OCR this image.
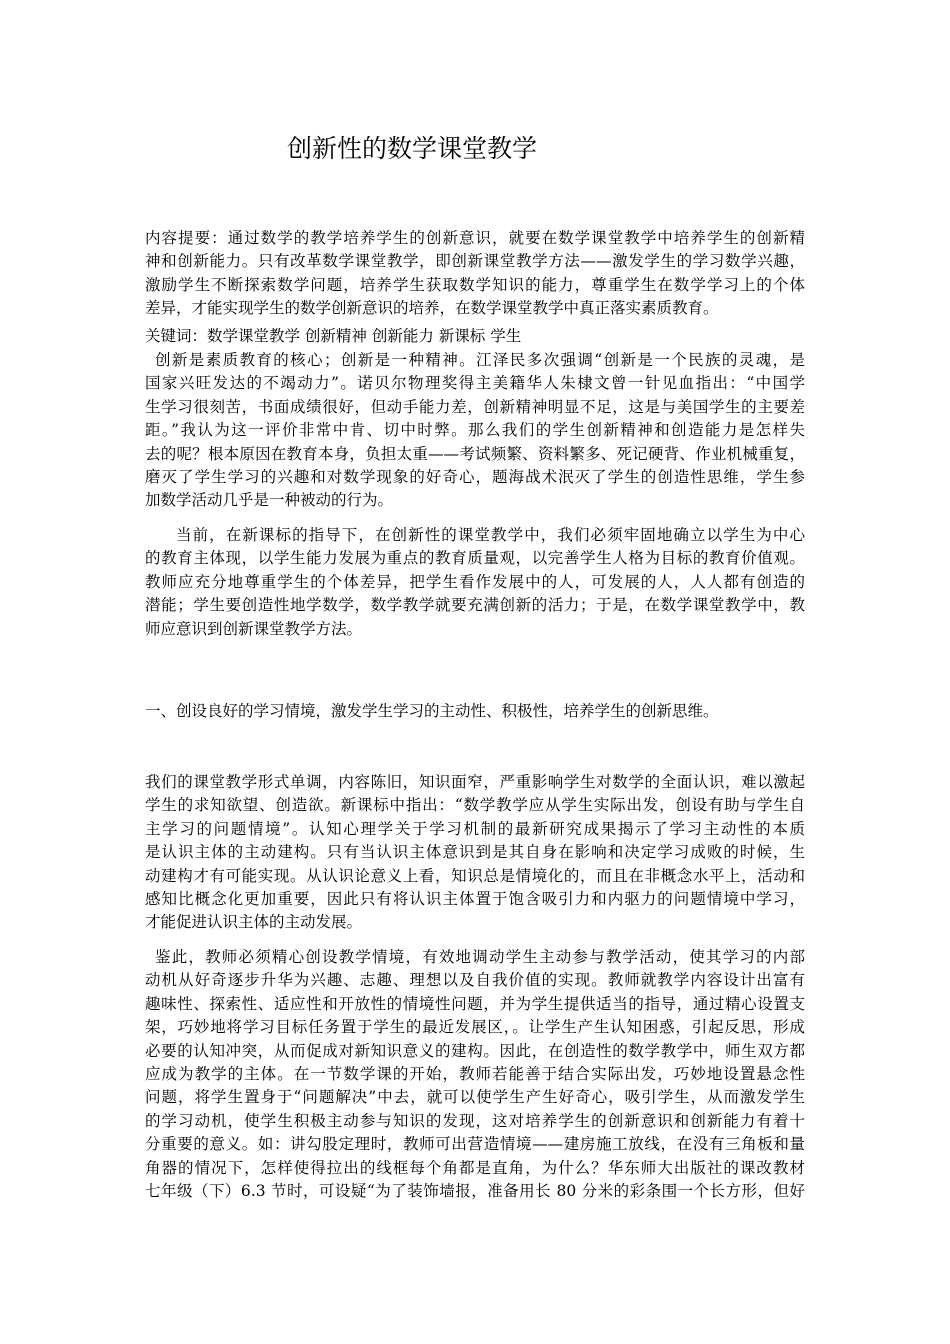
创新性的数学课堂教学
内容提要：通过数学的教学培养学生的创新意识，就要在数学课堂教学中培养学生的创新精
神和创新能力。只有改革数学课堂教学，即创新课堂教学方法——激发学生的学习数学兴趣，
激励学生不断探索数学问题，培养学生获取数学知识的能力，尊重学生在数学学习上的个体
差异，才能实现学生的数学创新意识的培养，在数学课堂教学中真正落实素质教育。
关键词：数学课堂教学 创新精神 创新能力 新课标 学生
创新是素质教育的核心；创新是一种精神。江泽民多次强调“创新是一个民族的灵魂，是
国家兴旺发达的不竭动力”。诺贝尔物理奖得主美籍华人朱棣文曾一针见血指出：“中国学
生学习很刻苦，书面成绩很好，但动手能力差，创新精神明显不足，这是与美国学生的主要差
距。”我认为这一评价非常中肯、切中时弊。那么我们的学生创新精神和创造能力是怎样失
去的呢？根本原因在教育本身，负担太重——考试频繁、资料繁多、死记硬背、作业机械重复，
磨灭了学生学习的兴趣和对数学现象的好奇心，题海战术泯灭了学生的创造性思维，学生参
加数学活动几乎是一种被动的行为。
当前，在新课标的指导下，在创新性的课堂教学中，我们必须牢固地确立以学生为中心
的教育主体现，以学生能力发展为重点的教育质量观，以完善学生人格为目标的教育价值观。
教师应充分地尊重学生的个体差异，把学生看作发展中的人，可发展的人，人人都有创造的
潜能；学生要创造性地学数学，数学教学就要充满创新的活力；于是，在数学课堂教学中，教
师应意识到创新课堂教学方法。
一、创设良好的学习情境，激发学生学习的主动性、积极性，培养学生的创新思维。
我们的课堂教学形式单调，内容陈旧，知识面窄，严重影响学生对数学的全面认识，难以激起
学生的求知欲望、创造欲。新课标中指出：“数学教学应从学生实际出发，创设有助与学生自
主学习的问题情境”。认知心理学关于学习机制的最新研究成果揭示了学习主动性的本质
是认识主体的主动建构。只有当认识主体意识到是其自身在影响和决定学习成败的时候，生
动建构才有可能实现。从认识论意义上看，知识总是情境化的，而且在非概念水平上，活动和
感知比概念化更加重要，因此只有将认识主体置于饱含吸引力和内驱力的问题情境中学习，
才能促进认识主体的主动发展。
鉴此，教师必须精心创设教学情境，有效地调动学生主动参与教学活动，使其学习的内部
动机从好奇逐步升华为兴趣、志趣、理想以及自我价值的实现。教师就教学内容设计出富有
趣味性、探索性、适应性和开放性的情境性问题，并为学生提供适当的指导，通过精心设置支
架，巧妙地将学习目标任务置于学生的最近发展区，。让学生产生认知困惑，引起反思，形成
必要的认知冲突，从而促成对新知识意义的建构。因此，在创造性的数学教学中，师生双方都
应成为教学的主体。在一节数学课的开始，教师若能善于结合实际出发，巧妙地设置悬念性
问题，将学生置身于“问题解决”中去，就可以使学生产生好奇心，吸引学生，从而激发学生
的学习动机，使学生积极主动参与知识的发现，这对培养学生的创新意识和创新能力有着十
分重要的意义。如：讲勾股定理时，教师可出营造情境——建房施工放线，在没有三角板和量
角器的情况下，怎样使得拉出的线框每个角都是直角，为什么？华东师大出版社的课改教材
七年级（下）6.3 节时，可设疑“为了装饰墙报，准备用长 80 分米的彩条围一个长方形，但好
